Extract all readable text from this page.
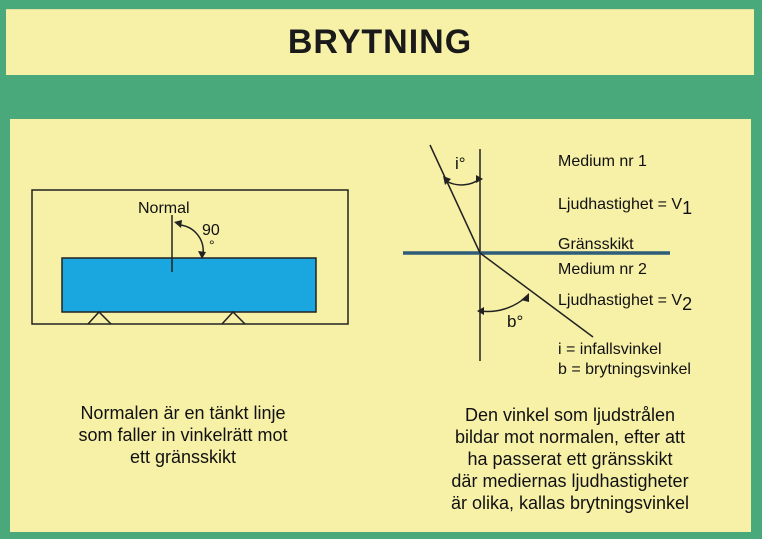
BRYTNING
Normal
90
°
i°
b°
Medium nr 1
Ljudhastighet = V1
Gränsskikt
Medium nr 2
Ljudhastighet = V2
i = infallsvinkel
b = brytningsvinkel

Normalen är en tänkt linje
som faller in vinkelrätt mot
ett gränsskikt

Den vinkel som ljudstrålen
bildar mot normalen, efter att
ha passerat ett gränsskikt
där mediernas ljudhastigheter
är olika, kallas brytningsvinkel
